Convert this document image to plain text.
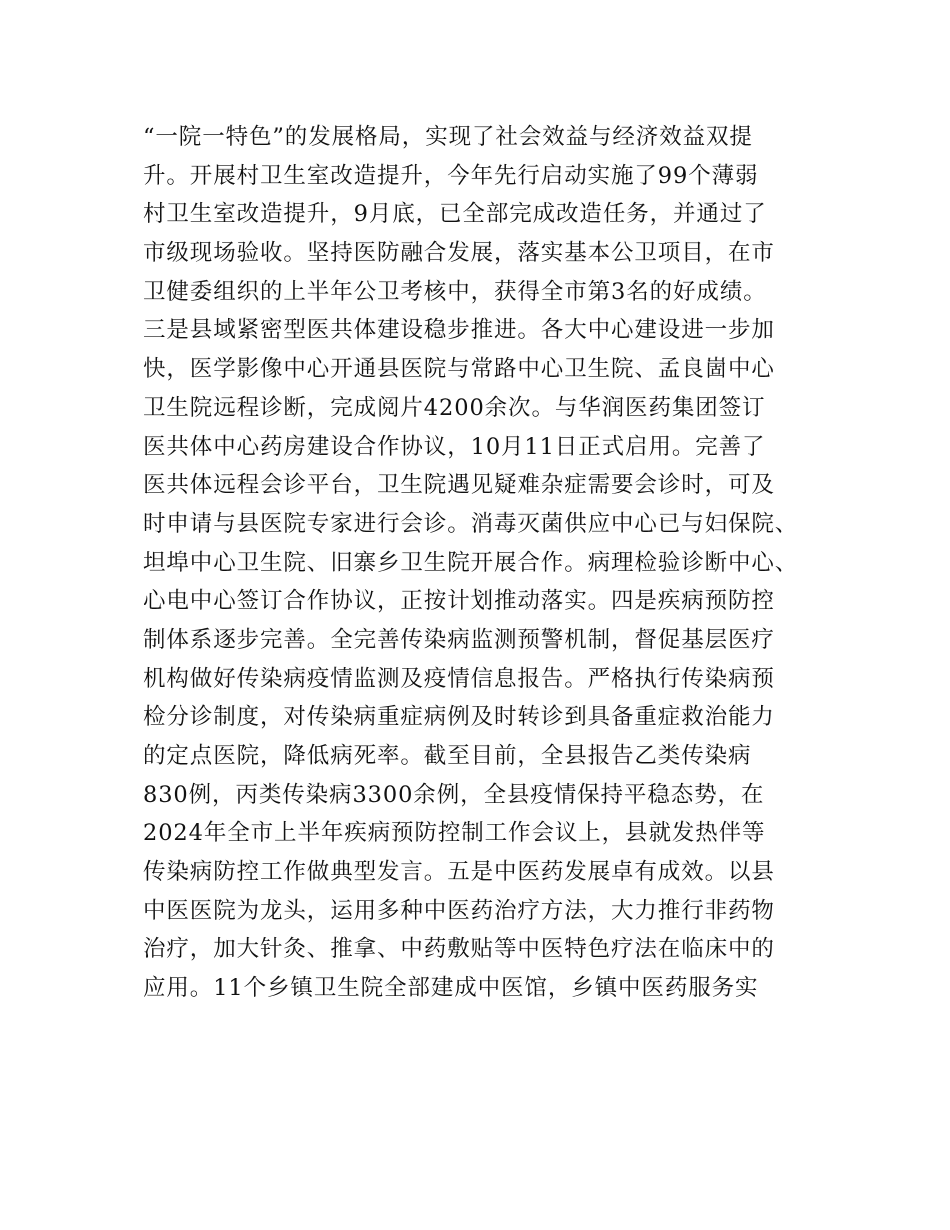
“一院一特色”的发展格局，实现了社会效益与经济效益双提
升。开展村卫生室改造提升，今年先行启动实施了99个薄弱
村卫生室改造提升，9月底，已全部完成改造任务，并通过了
市级现场验收。坚持医防融合发展，落实基本公卫项目，在市
卫健委组织的上半年公卫考核中，获得全市第3名的好成绩。
三是县域紧密型医共体建设稳步推进。各大中心建设进一步加
快，医学影像中心开通县医院与常路中心卫生院、孟良崮中心
卫生院远程诊断，完成阅片4200余次。与华润医药集团签订
医共体中心药房建设合作协议，10月11日正式启用。完善了
医共体远程会诊平台，卫生院遇见疑难杂症需要会诊时，可及
时申请与县医院专家进行会诊。消毒灭菌供应中心已与妇保院、
坦埠中心卫生院、旧寨乡卫生院开展合作。病理检验诊断中心、
心电中心签订合作协议，正按计划推动落实。四是疾病预防控
制体系逐步完善。全完善传染病监测预警机制，督促基层医疗
机构做好传染病疫情监测及疫情信息报告。严格执行传染病预
检分诊制度，对传染病重症病例及时转诊到具备重症救治能力
的定点医院，降低病死率。截至目前，全县报告乙类传染病
830例，丙类传染病3300余例，全县疫情保持平稳态势，在
2024年全市上半年疾病预防控制工作会议上，县就发热伴等
传染病防控工作做典型发言。五是中医药发展卓有成效。以县
中医医院为龙头，运用多种中医药治疗方法，大力推行非药物
治疗，加大针灸、推拿、中药敷贴等中医特色疗法在临床中的
应用。11个乡镇卫生院全部建成中医馆，乡镇中医药服务实
